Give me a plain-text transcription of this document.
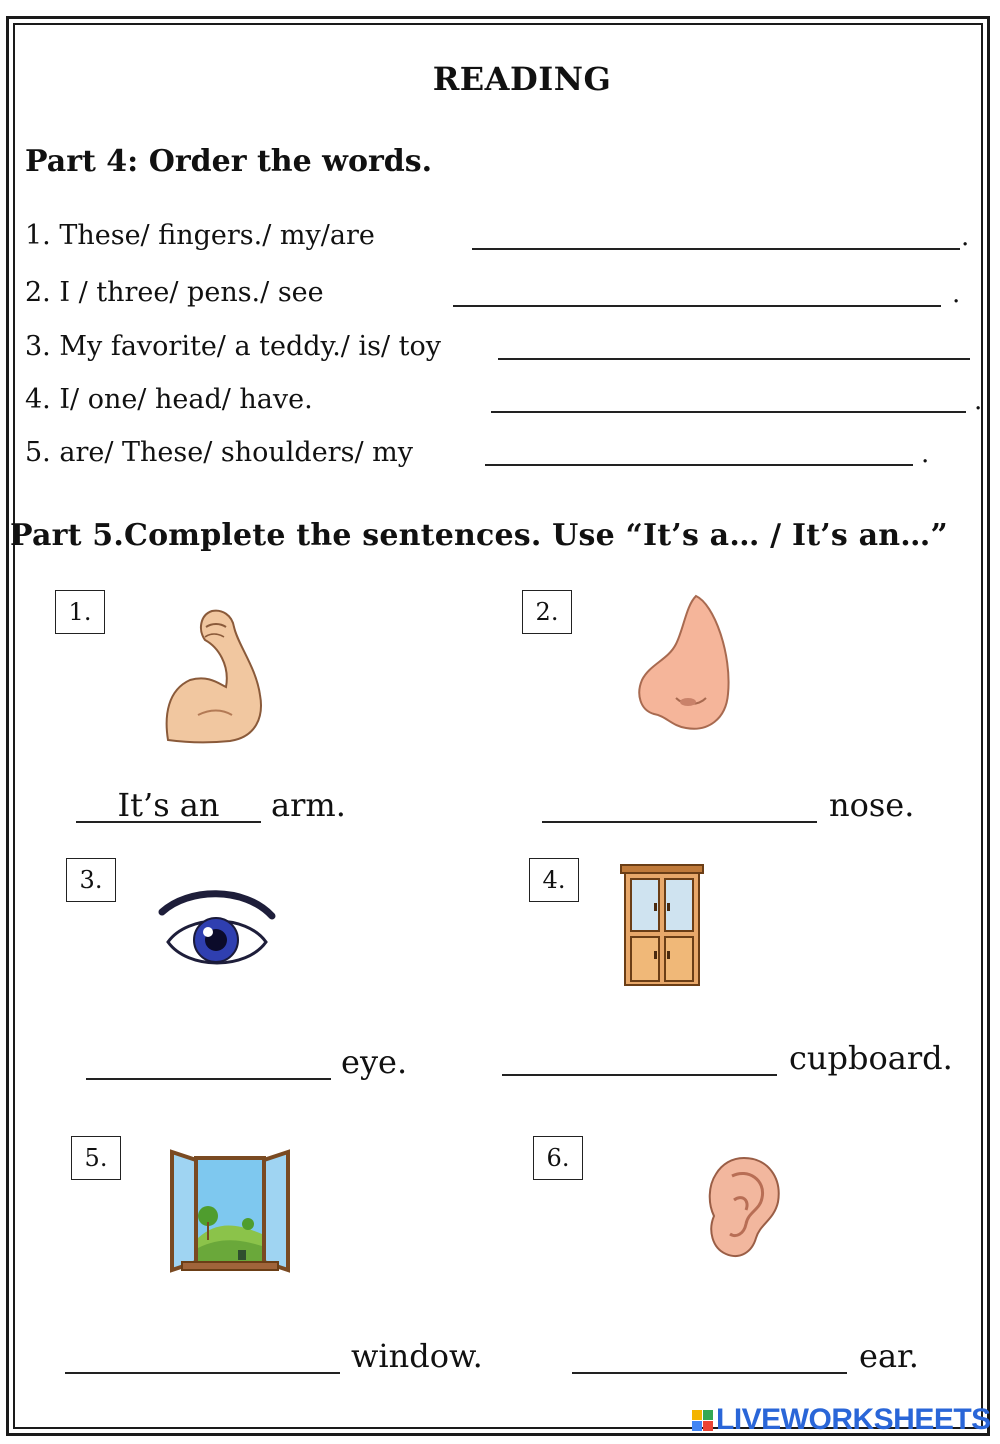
READING
Part 4: Order the words.
1. These/ fingers./ my/are	.
2. I / three/ pens./ see	.
3. My favorite/ a teddy./ is/ toy
4. I/ one/ head/ have.	.
5. are/ These/ shoulders/ my	.
Part 5.Complete the sentences. Use “It’s a… / It’s an…”
1.
It’s an	arm.
2.
nose.
3.
eye.
4.
cupboard.
5.
window.
6.
ear.
LIVEWORKSHEETS
